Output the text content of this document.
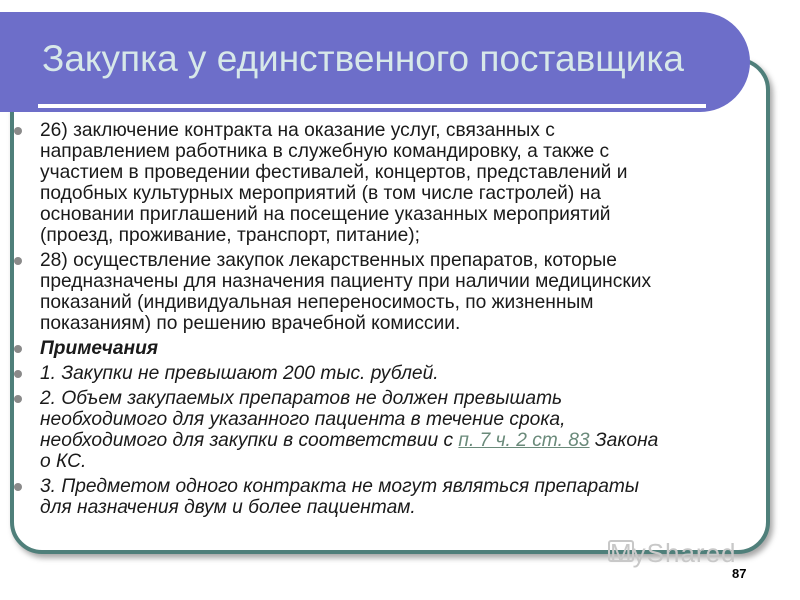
Закупка у единственного поставщика
26) заключение контракта на оказание услуг, связанных с
направлением работника в служебную командировку, а также с
участием в проведении фестивалей, концертов, представлений и
подобных культурных мероприятий (в том числе гастролей) на
основании приглашений на посещение указанных мероприятий
(проезд, проживание, транспорт, питание);
28) осуществление закупок лекарственных препаратов, которые
предназначены для назначения пациенту при наличии медицинских
показаний (индивидуальная непереносимость, по жизненным
показаниям) по решению врачебной комиссии.
Примечания
1. Закупки не превышают 200 тыс. рублей.
2. Объем закупаемых препаратов не должен превышать
необходимого для указанного пациента в течение срока,
необходимого для закупки в соответствии с п. 7 ч. 2 ст. 83 Закона
о КС.
3. Предметом одного контракта не могут являться препараты
для назначения двум и более пациентам.
MyShared
87
